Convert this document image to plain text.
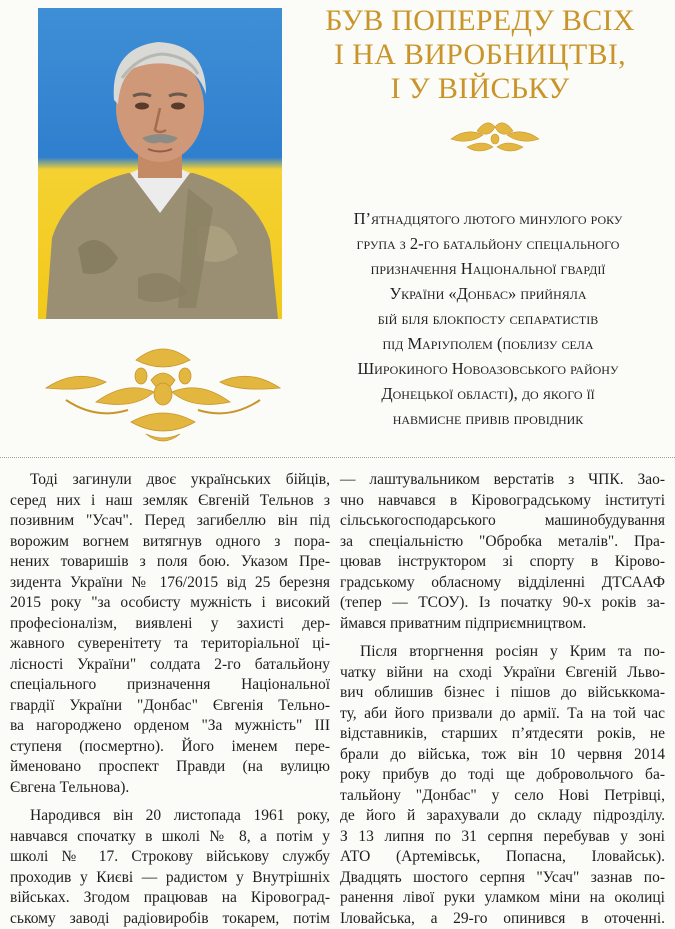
БУВ ПОПЕРЕДУ ВСІХ
І НА ВИРОБНИЦТВІ,
І У ВІЙСЬКУ
П’ятнадцятого лютого минулого року
група з 2-го батальйону спеціального
призначення Національної гвардії
України «Донбас» прийняла
бій біля блокпосту сепаратистів
під Маріуполем (поблизу села
Широкиного Новоазовського району
Донецької області), до якого її
навмисне привів провідник

Тоді загинули двоє українських бійців,
серед них і наш земляк Євгеній Тельнов з
позивним "Усач". Перед загибеллю він під
ворожим вогнем витягнув одного з пора-
нених товаришів з поля бою. Указом Пре-
зидента України № 176/2015 від 25 березня
2015 року "за особисту мужність і високий
професіоналізм, виявлені у захисті дер-
жавного суверенітету та територіальної ці-
лісності України" солдата 2-го батальйону
спеціального призначення Національної
гвардії України "Донбас" Євгенія Тельно-
ва нагороджено орденом "За мужність" III
ступеня (посмертно). Його іменем пере-
йменовано проспект Правди (на вулицю
Євгена Тельнова).

Народився він 20 листопада 1961 року,
навчався спочатку в школі № 8, а потім у
школі № 17. Строкову військову службу
проходив у Києві — радистом у Внутрішніх
військах. Згодом працював на Кіровоград-
ському заводі радіовиробів токарем, потім

— лаштувальником верстатів з ЧПК. Зао-
чно навчався в Кіровоградському інституті
сільськогосподарського машинобудування
за спеціальністю "Обробка металів". Пра-
цював інструктором зі спорту в Кірово-
градському обласному відділенні ДТСААФ
(тепер — ТСОУ). Із початку 90-х років за-
ймався приватним підприємництвом.

Після вторгнення росіян у Крим та по-
чатку війни на сході України Євгеній Льво-
вич облишив бізнес і пішов до військкома-
ту, аби його призвали до армії. Та на той час
відставників, старших п’ятдесяти років, не
брали до війська, тож він 10 червня 2014
року прибув до тоді ще добровольчого ба-
тальйону "Донбас" у село Нові Петрівці,
де його й зарахували до складу підрозділу.
З 13 липня по 31 серпня перебував у зоні
АТО (Артемівськ, Попасна, Іловайськ).
Двадцять шостого серпня "Усач" зазнав по-
ранення лівої руки уламком міни на околиці
Іловайська, а 29-го опинився в оточенні.
